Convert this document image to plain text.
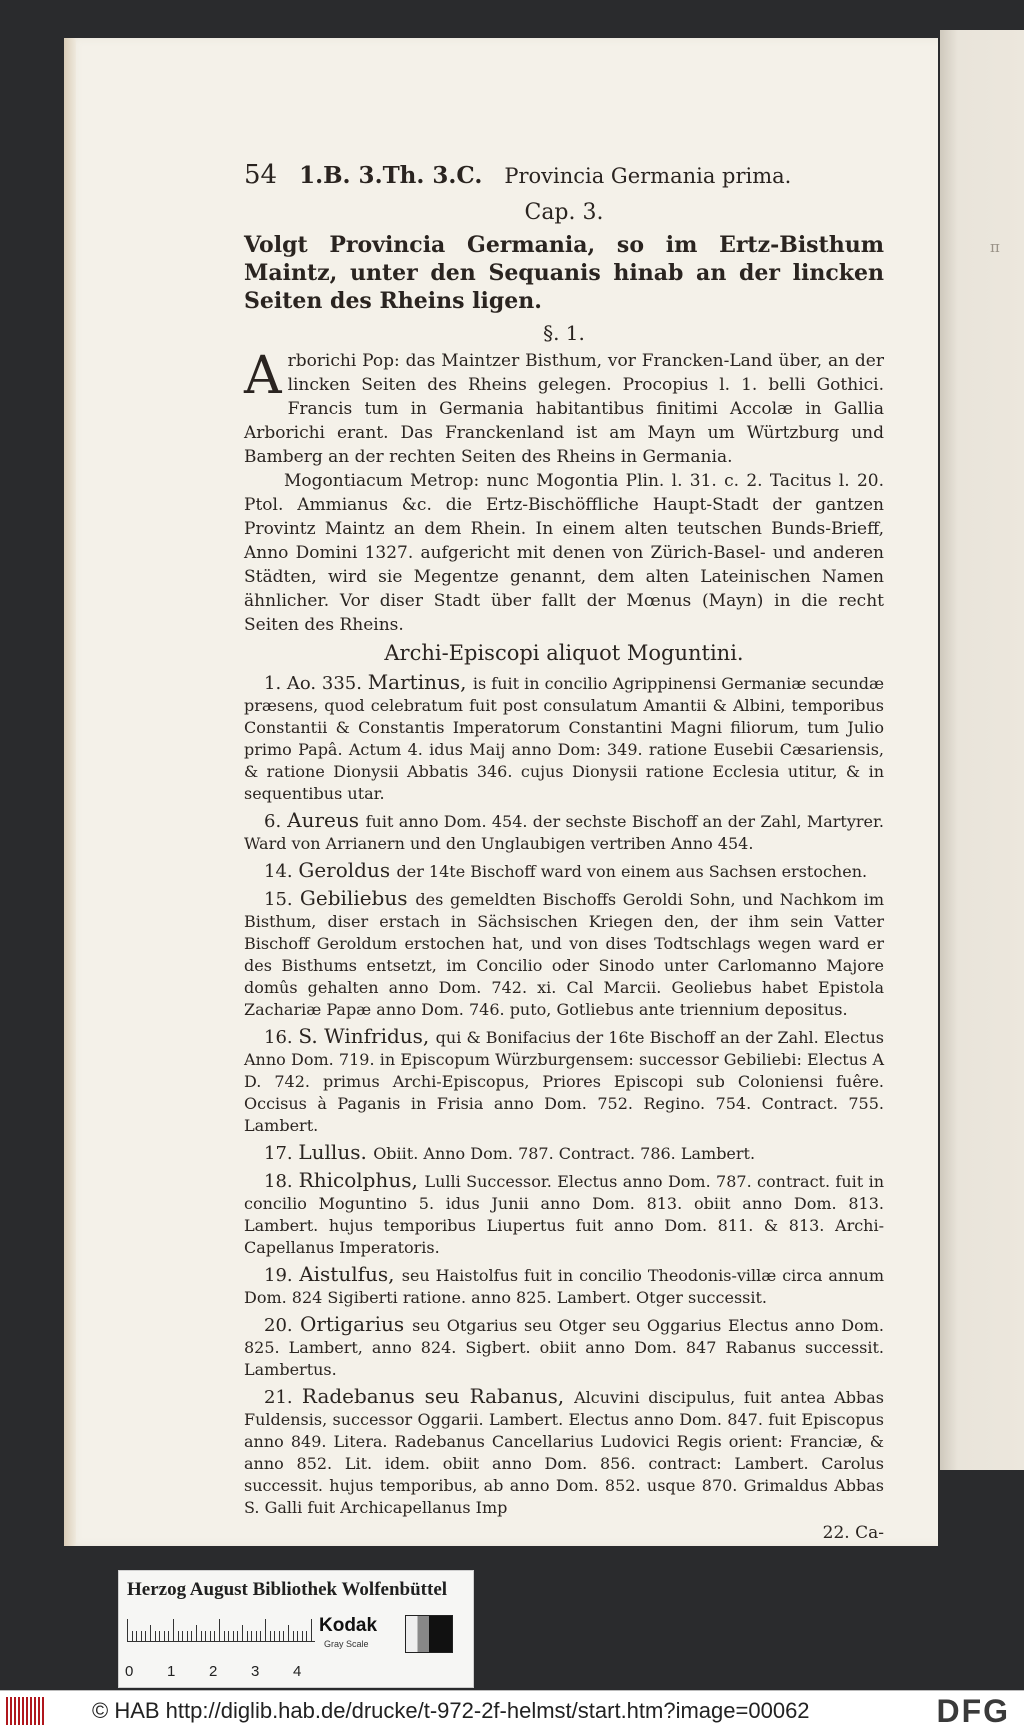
π
54 1.B. 3.Th. 3.C. Provincia Germania prima.
Cap. 3.
Volgt Provincia Germania, so im Ertz-Bisthum Maintz, unter den Sequanis hinab an der lincken Seiten des Rheins ligen.
§. 1.

Arborichi Pop: das Maintzer Bisthum, vor Francken-Land über, an der lincken Seiten des Rheins gelegen. Procopius l. 1. belli Gothici. Francis tum in Germania habitantibus finitimi Accolæ in Gallia Arborichi erant. Das Franckenland ist am Mayn um Würtzburg und Bamberg an der rechten Seiten des Rheins in Germania.

Mogontiacum Metrop: nunc Mogontia Plin. l. 31. c. 2. Tacitus l. 20. Ptol. Ammianus &c. die Ertz-Bischöffliche Haupt-Stadt der gantzen Provintz Maintz an dem Rhein. In einem alten teutschen Bunds-Brieff, Anno Domini 1327. aufgericht mit denen von Zürich-Basel- und anderen Städten, wird sie Megentze genannt, dem alten Lateinischen Namen ähnlicher. Vor diser Stadt über fallt der Mœnus (Mayn) in die recht Seiten des Rheins.

Archi-Episcopi aliquot Moguntini.

1. Ao. 335. Martinus, is fuit in concilio Agrippinensi Germaniæ secundæ præsens, quod celebratum fuit post consulatum Amantii & Albini, temporibus Constantii & Constantis Imperatorum Constantini Magni filiorum, tum Julio primo Papâ. Actum 4. idus Maij anno Dom: 349. ratione Eusebii Cæsariensis, & ratione Dionysii Abbatis 346. cujus Dionysii ratione Ecclesia utitur, & in sequentibus utar.

6. Aureus fuit anno Dom. 454. der sechste Bischoff an der Zahl, Martyrer. Ward von Arrianern und den Unglaubigen vertriben Anno 454.

14. Geroldus der 14te Bischoff ward von einem aus Sachsen erstochen.

15. Gebiliebus des gemeldten Bischoffs Geroldi Sohn, und Nachkom im Bisthum, diser erstach in Sächsischen Kriegen den, der ihm sein Vatter Bischoff Geroldum erstochen hat, und von dises Todtschlags wegen ward er des Bisthums entsetzt, im Concilio oder Sinodo unter Carlomanno Majore domûs gehalten anno Dom. 742. xi. Cal Marcii. Geoliebus habet Epistola Zachariæ Papæ anno Dom. 746. puto, Gotliebus ante triennium depositus.

16. S. Winfridus, qui & Bonifacius der 16te Bischoff an der Zahl. Electus Anno Dom. 719. in Episcopum Würzburgensem: successor Gebiliebi: Electus A D. 742. primus Archi-Episcopus, Priores Episcopi sub Coloniensi fuêre. Occisus à Paganis in Frisia anno Dom. 752. Regino. 754. Contract. 755. Lambert.

17. Lullus. Obiit. Anno Dom. 787. Contract. 786. Lambert.

18. Rhicolphus, Lulli Successor. Electus anno Dom. 787. contract. fuit in concilio Moguntino 5. idus Junii anno Dom. 813. obiit anno Dom. 813. Lambert. hujus temporibus Liupertus fuit anno Dom. 811. & 813. Archi-Capellanus Imperatoris.

19. Aistulfus, seu Haistolfus fuit in concilio Theodonis-villæ circa annum Dom. 824 Sigiberti ratione. anno 825. Lambert. Otger successit.

20. Ortigarius seu Otgarius seu Otger seu Oggarius Electus anno Dom. 825. Lambert, anno 824. Sigbert. obiit anno Dom. 847 Rabanus successit. Lambertus.

21. Radebanus seu Rabanus, Alcuvini discipulus, fuit antea Abbas Fuldensis, successor Oggarii. Lambert. Electus anno Dom. 847. fuit Episcopus anno 849. Litera. Radebanus Cancellarius Ludovici Regis orient: Franciæ, & anno 852. Lit. idem. obiit anno Dom. 856. contract: Lambert. Carolus successit. hujus temporibus, ab anno Dom. 852. usque 870. Grimaldus Abbas S. Galli fuit Archicapellanus Imp

22. Ca-
Herzog August Bibliothek Wolfenbüttel
0 1 2 3 4
Kodak
Gray Scale
© HAB http://diglib.hab.de/drucke/t-972-2f-helmst/start.htm?image=00062	DFG
